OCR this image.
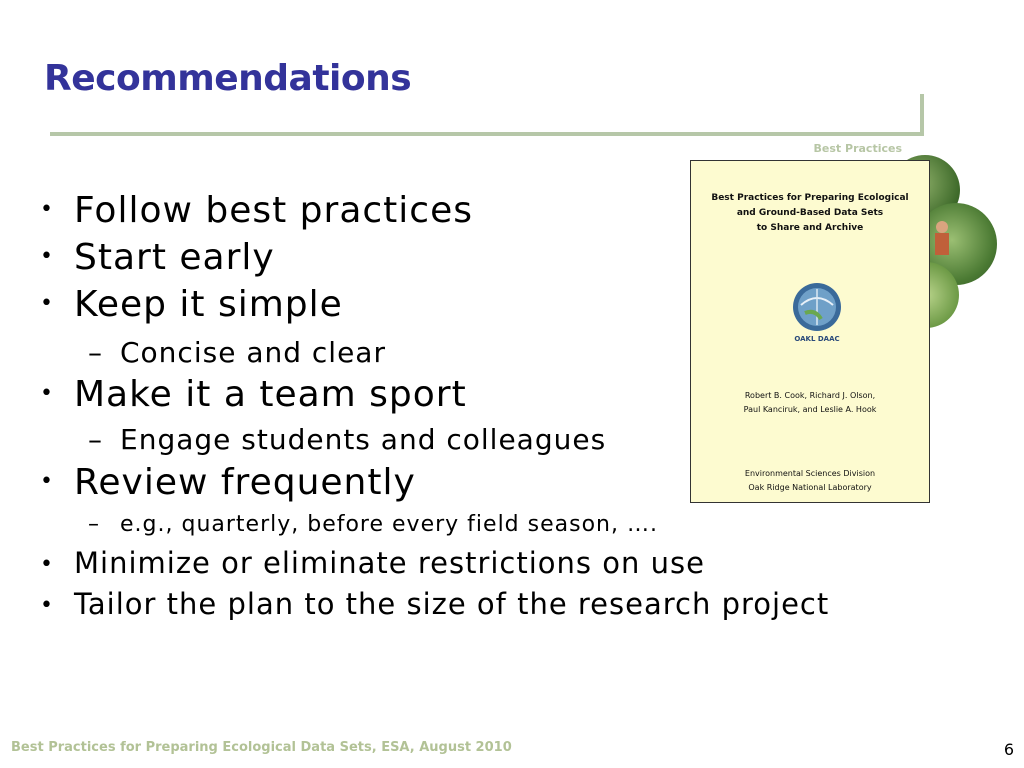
Recommendations
Best Practices
• Follow best practices
• Start early
• Keep it simple
– Concise and clear
• Make it a team sport
– Engage students and colleagues
• Review frequently
– e.g., quarterly, before every field season, ….
• Minimize or eliminate restrictions on use
• Tailor the plan to the size of the research project
Best Practices for Preparing Ecological
and Ground-Based Data Sets
to Share and Archive
OAKL DAAC
Robert B. Cook, Richard J. Olson,
Paul Kanciruk, and Leslie A. Hook
Environmental Sciences Division
Oak Ridge National Laboratory
Best Practices for Preparing Ecological Data Sets, ESA, August 2010	6
